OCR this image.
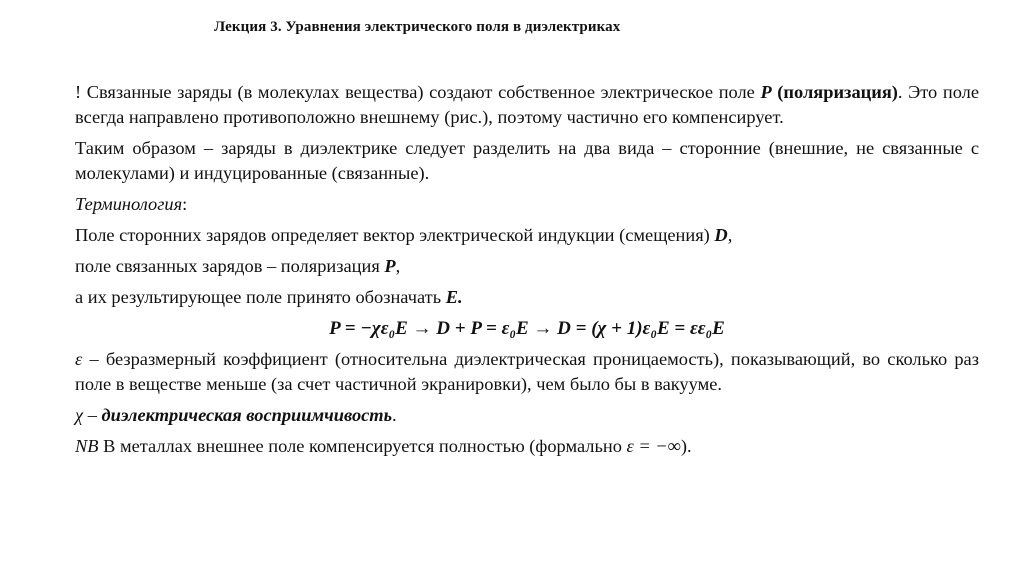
Лекция 3. Уравнения электрического поля в диэлектриках

! Связанные заряды (в молекулах вещества) создают собственное электрическое поле P (поляризация). Это поле всегда направлено противоположно внешнему (рис.), поэтому частично его компенсирует.

Таким образом – заряды в диэлектрике следует разделить на два вида – сторонние (внешние, не связанные с молекулами) и индуцированные (связанные).

Терминология:

Поле сторонних зарядов определяет вектор электрической индукции (смещения) D,

поле связанных зарядов – поляризация P,

а их результирующее поле принято обозначать E.

P = −χε₀E → D + P = ε₀E → D = (χ + 1)ε₀E = εε₀E

ε – безразмерный коэффициент (относительна диэлектрическая проницаемость), показывающий, во сколько раз поле в веществе меньше (за счет частичной экранировки), чем было бы в вакууме.

χ – диэлектрическая восприимчивость.

NB В металлах внешнее поле компенсируется полностью (формально ε = −∞).
